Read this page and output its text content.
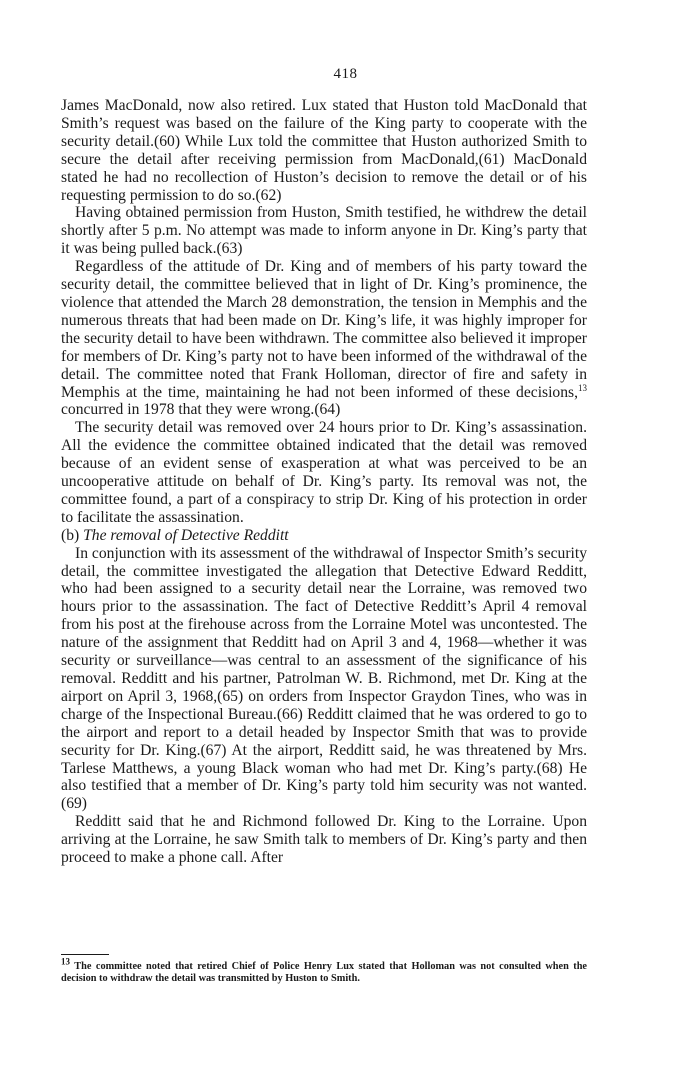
418

James MacDonald, now also retired. Lux stated that Huston told MacDonald that Smith’s request was based on the failure of the King party to cooperate with the security detail.(60) While Lux told the committee that Huston authorized Smith to secure the detail after receiving permission from MacDonald,(61) MacDonald stated he had no recollection of Huston’s decision to remove the detail or of his requesting permission to do so.(62)

Having obtained permission from Huston, Smith testified, he withdrew the detail shortly after 5 p.m. No attempt was made to inform anyone in Dr. King’s party that it was being pulled back.(63)

Regardless of the attitude of Dr. King and of members of his party toward the security detail, the committee believed that in light of Dr. King’s prominence, the violence that attended the March 28 demonstration, the tension in Memphis and the numerous threats that had been made on Dr. King’s life, it was highly improper for the security detail to have been withdrawn. The committee also believed it improper for members of Dr. King’s party not to have been informed of the withdrawal of the detail. The committee noted that Frank Holloman, director of fire and safety in Memphis at the time, maintaining he had not been informed of these decisions,$^{13}$ concurred in 1978 that they were wrong.(64)

The security detail was removed over 24 hours prior to Dr. King’s assassination. All the evidence the committee obtained indicated that the detail was removed because of an evident sense of exasperation at what was perceived to be an uncooperative attitude on behalf of Dr. King’s party. Its removal was not, the committee found, a part of a conspiracy to strip Dr. King of his protection in order to facilitate the assassination.

(b) The removal of Detective Redditt

In conjunction with its assessment of the withdrawal of Inspector Smith’s security detail, the committee investigated the allegation that Detective Edward Redditt, who had been assigned to a security detail near the Lorraine, was removed two hours prior to the assassination. The fact of Detective Redditt’s April 4 removal from his post at the firehouse across from the Lorraine Motel was uncontested. The nature of the assignment that Redditt had on April 3 and 4, 1968—whether it was security or surveillance—was central to an assessment of the significance of his removal. Redditt and his partner, Patrolman W. B. Richmond, met Dr. King at the airport on April 3, 1968,(65) on orders from Inspector Graydon Tines, who was in charge of the Inspectional Bureau.(66) Redditt claimed that he was ordered to go to the airport and report to a detail headed by Inspector Smith that was to provide security for Dr. King.(67) At the airport, Redditt said, he was threatened by Mrs. Tarlese Matthews, a young Black woman who had met Dr. King’s party.(68) He also testified that a member of Dr. King’s party told him security was not wanted.(69)

Redditt said that he and Richmond followed Dr. King to the Lorraine. Upon arriving at the Lorraine, he saw Smith talk to members of Dr. King’s party and then proceed to make a phone call. After

$^{13}$ The committee noted that retired Chief of Police Henry Lux stated that Holloman was not consulted when the decision to withdraw the detail was transmitted by Huston to Smith.
